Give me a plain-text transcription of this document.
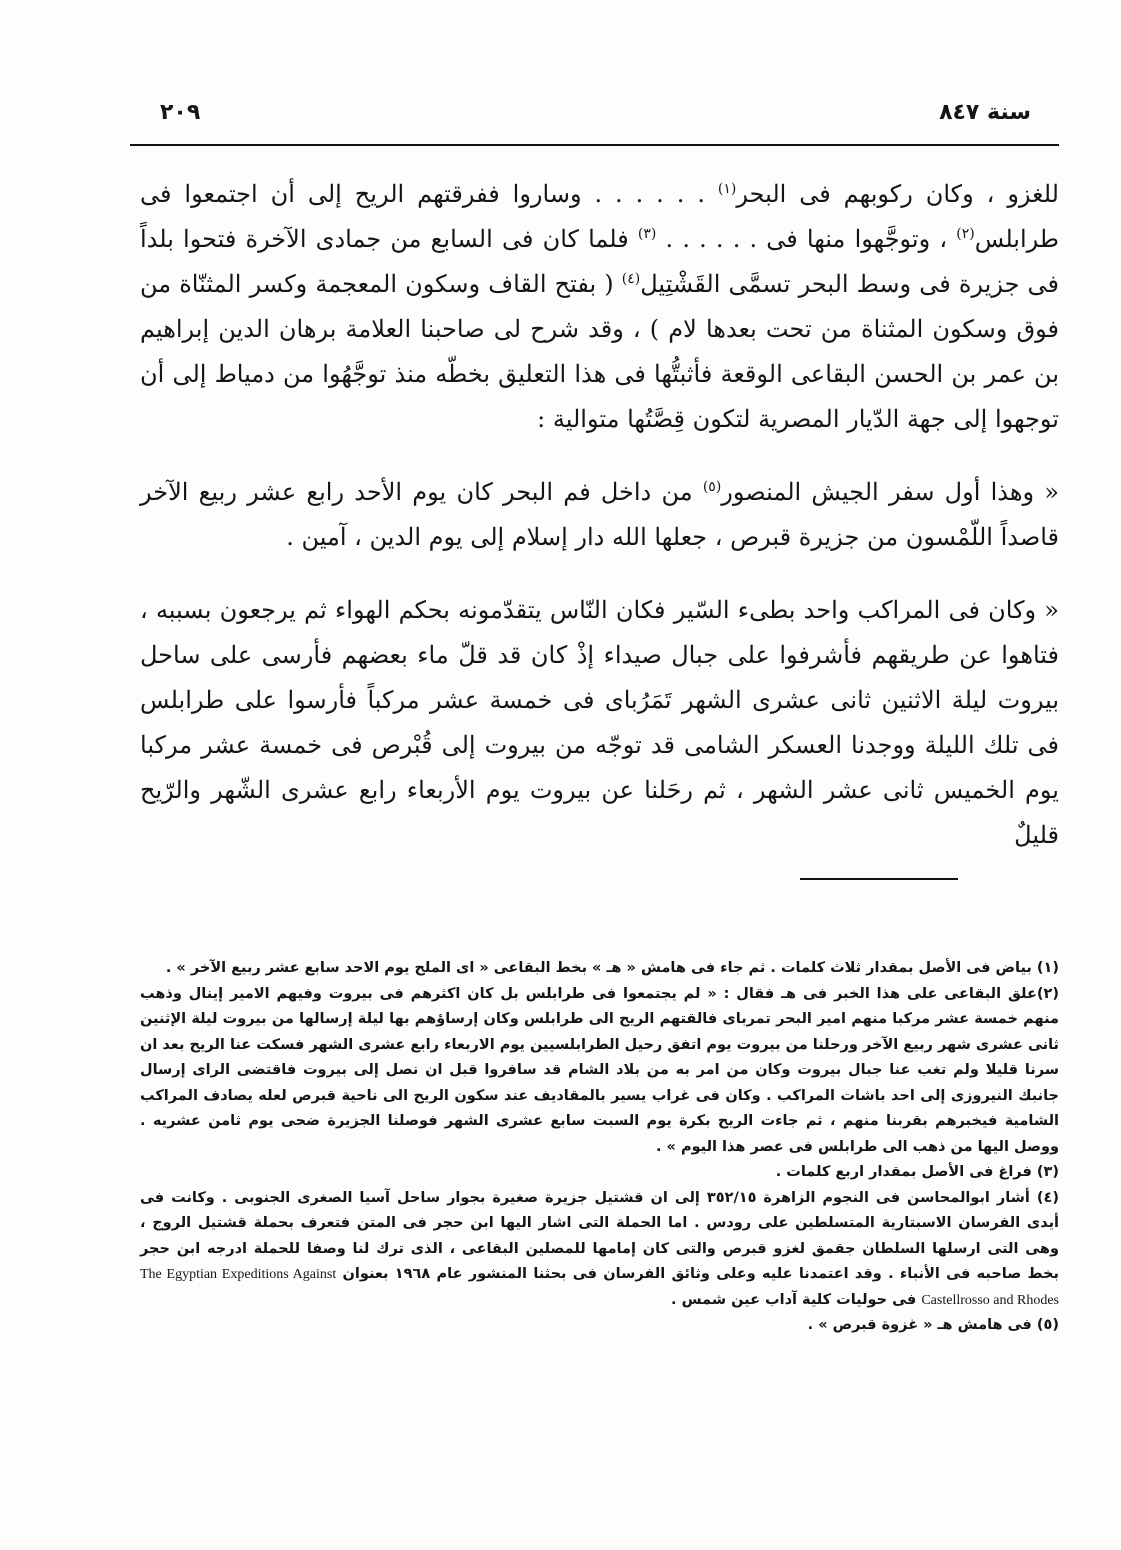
سنة ٨٤٧
٢٠٩

للغزو ، وكان ركوبهم فى البحر$^{(١)}$ . . . . . . وساروا ففرقتهم الريح إلى أن اجتمعوا فى طرابلس$^{(٢)}$ ، وتوجَّهوا منها فى . . . . . . $^{(٣)}$ فلما كان فى السابع من جمادى الآخرة فتحوا بلداً فى جزيرة فى وسط البحر تسمَّى القَشْتِيل$^{(٤)}$ ( بفتح القاف وسكون المعجمة وكسر المثنّاة من فوق وسكون المثناة من تحت بعدها لام ) ، وقد شرح لى صاحبنا العلامة برهان الدين إبراهيم بن عمر بن الحسن البقاعى الوقعة فأثبتُّها فى هذا التعليق بخطّه منذ توجَّهُوا من دمياط إلى أن توجهوا إلى جهة الدّيار المصرية لتكون قِصَّتُها متوالية :

« وهذا أول سفر الجيش المنصور$^{(٥)}$ من داخل فم البحر كان يوم الأحد رابع عشر ربيع الآخر قاصداً اللّمْسون من جزيرة قبرص ، جعلها الله دار إسلام إلى يوم الدين ، آمين .

« وكان فى المراكب واحد بطىء السّير فكان النّاس يتقدّمونه بحكم الهواء ثم يرجعون بسببه ، فتاهوا عن طريقهم فأشرفوا على جبال صيداء إذْ كان قد قلّ ماء بعضهم فأرسى على ساحل بيروت ليلة الاثنين ثانى عشرى الشهر تَمَرُباى فى خمسة عشر مركباً فأرسوا على طرابلس فى تلك الليلة ووجدنا العسكر الشامى قد توجّه من بيروت إلى قُبْرص فى خمسة عشر مركبا يوم الخميس ثانى عشر الشهر ، ثم رحَلنا عن بيروت يوم الأربعاء رابع عشرى الشّهر والرّيح قليلٌ

(١) بياض فى الأصل بمقدار ثلاث كلمات . ثم جاء فى هامش « هـ » بخط البقاعى « اى الملح يوم الاحد سابع عشر ربيع الآخر » .

(٢)علق البقاعى على هذا الخبر فى هـ فقال : « لم يجتمعوا فى طرابلس بل كان اكثرهم فى بيروت وفيهم الامير إينال وذهب منهم خمسة عشر مركبا منهم امير البحر تمرباى فالقتهم الريح الى طرابلس وكان إرساؤهم بها ليلة إرسالها من بيروت ليلة الإثنين ثانى عشرى شهر ربيع الآخر ورحلنا من بيروت يوم اتفق رحيل الطرابلسيين يوم الاربعاء رابع عشرى الشهر فسكت عنا الريح بعد ان سرنا قليلا ولم تغب عنا جبال بيروت وكان من امر به من بلاد الشام قد سافروا قبل ان نصل إلى بيروت فاقتضى الراى إرسال جانبك النيروزى إلى احد باشات المراكب . وكان فى غراب يسير بالمقاديف عند سكون الريح الى ناحية قبرص لعله يصادف المراكب الشامية فيخبرهم بقربنا منهم ، ثم جاءت الريح بكرة يوم السبت سابع عشرى الشهر فوصلنا الجزيرة ضحى يوم ثامن عشريه . ووصل اليها من ذهب الى طرابلس فى عصر هذا اليوم » .

(٣) فراغ فى الأصل بمقدار اربع كلمات .

(٤) أشار ابوالمحاسن فى النجوم الزاهرة ٣٥٢/١٥ إلى ان قشتيل جزيرة صغيرة بجوار ساحل آسيا الصغرى الجنوبى . وكانت فى أيدى الفرسان الاسبتارية المتسلطين على رودس . اما الحملة التى اشار اليها ابن حجر فى المتن فتعرف بحملة قشتيل الروج ، وهى التى ارسلها السلطان جقمق لغزو قبرص والتى كان إمامها للمصلين البقاعى ، الذى ترك لنا وصفا للحملة ادرجه ابن حجر بخط صاحبه فى الأنباء . وقد اعتمدنا عليه وعلى وثائق الفرسان فى بحثنا المنشور عام ١٩٦٨ بعنوان The Egyptian Expeditions Against Castellrosso and Rhodes فى حوليات كلية آداب عين شمس .

(٥) فى هامش هـ « غزوة قبرص » .
